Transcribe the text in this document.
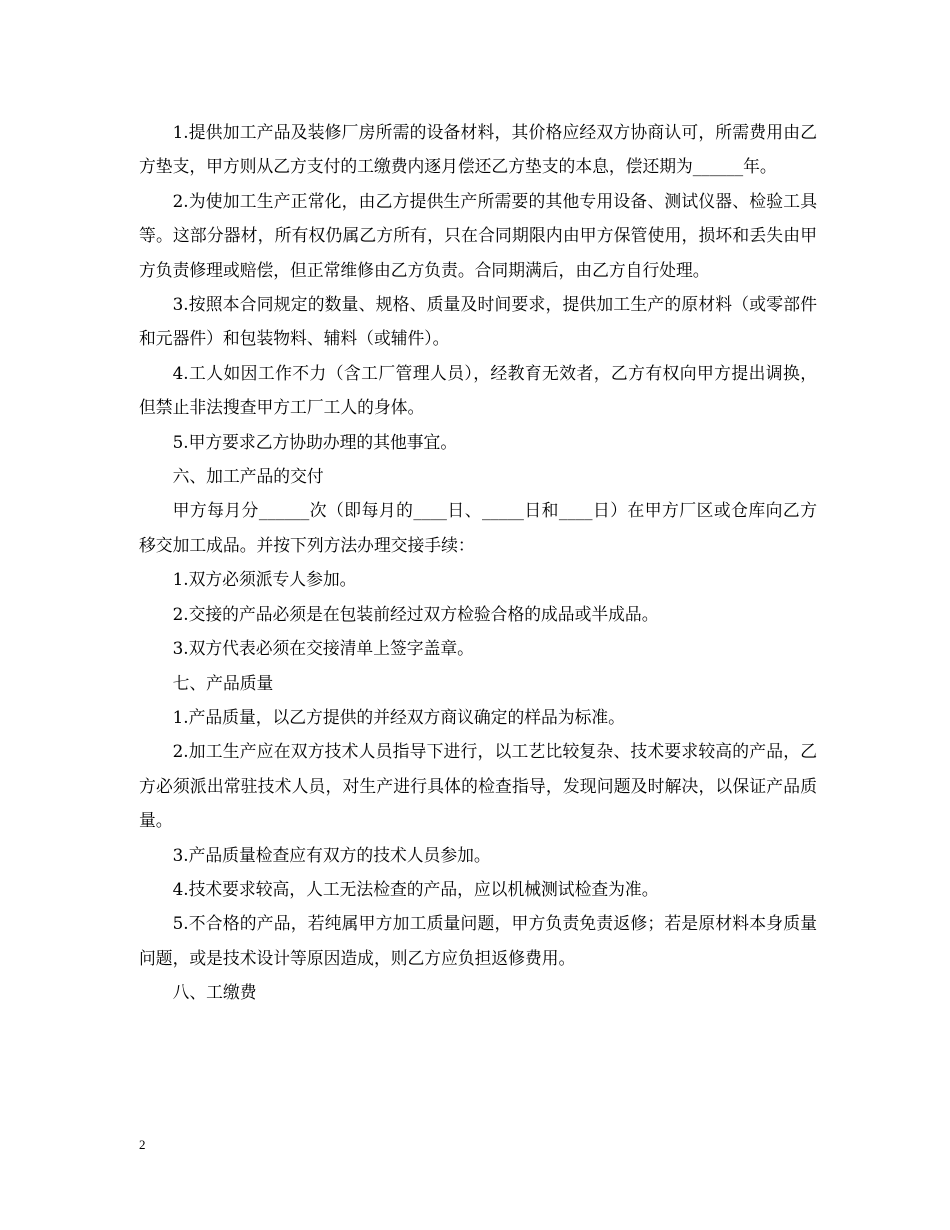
1.提供加工产品及装修厂房所需的设备材料，其价格应经双方协商认可，所需费用由乙方垫支，甲方则从乙方支付的工缴费内逐月偿还乙方垫支的本息，偿还期为______年。

2.为使加工生产正常化，由乙方提供生产所需要的其他专用设备、测试仪器、检验工具等。这部分器材，所有权仍属乙方所有，只在合同期限内由甲方保管使用，损坏和丢失由甲方负责修理或赔偿，但正常维修由乙方负责。合同期满后，由乙方自行处理。

3.按照本合同规定的数量、规格、质量及时间要求，提供加工生产的原材料（或零部件和元器件）和包装物料、辅料（或辅件）。

4.工人如因工作不力（含工厂管理人员），经教育无效者，乙方有权向甲方提出调换，但禁止非法搜查甲方工厂工人的身体。

5.甲方要求乙方协助办理的其他事宜。

六、加工产品的交付

甲方每月分______次（即每月的____日、_____日和____日）在甲方厂区或仓库向乙方移交加工成品。并按下列方法办理交接手续：

1.双方必须派专人参加。

2.交接的产品必须是在包装前经过双方检验合格的成品或半成品。

3.双方代表必须在交接清单上签字盖章。

七、产品质量

1.产品质量，以乙方提供的并经双方商议确定的样品为标准。

2.加工生产应在双方技术人员指导下进行，以工艺比较复杂、技术要求较高的产品，乙方必须派出常驻技术人员，对生产进行具体的检查指导，发现问题及时解决，以保证产品质量。

3.产品质量检查应有双方的技术人员参加。

4.技术要求较高，人工无法检查的产品，应以机械测试检查为准。

5.不合格的产品，若纯属甲方加工质量问题，甲方负责免责返修；若是原材料本身质量问题，或是技术设计等原因造成，则乙方应负担返修费用。

八、工缴费

2
